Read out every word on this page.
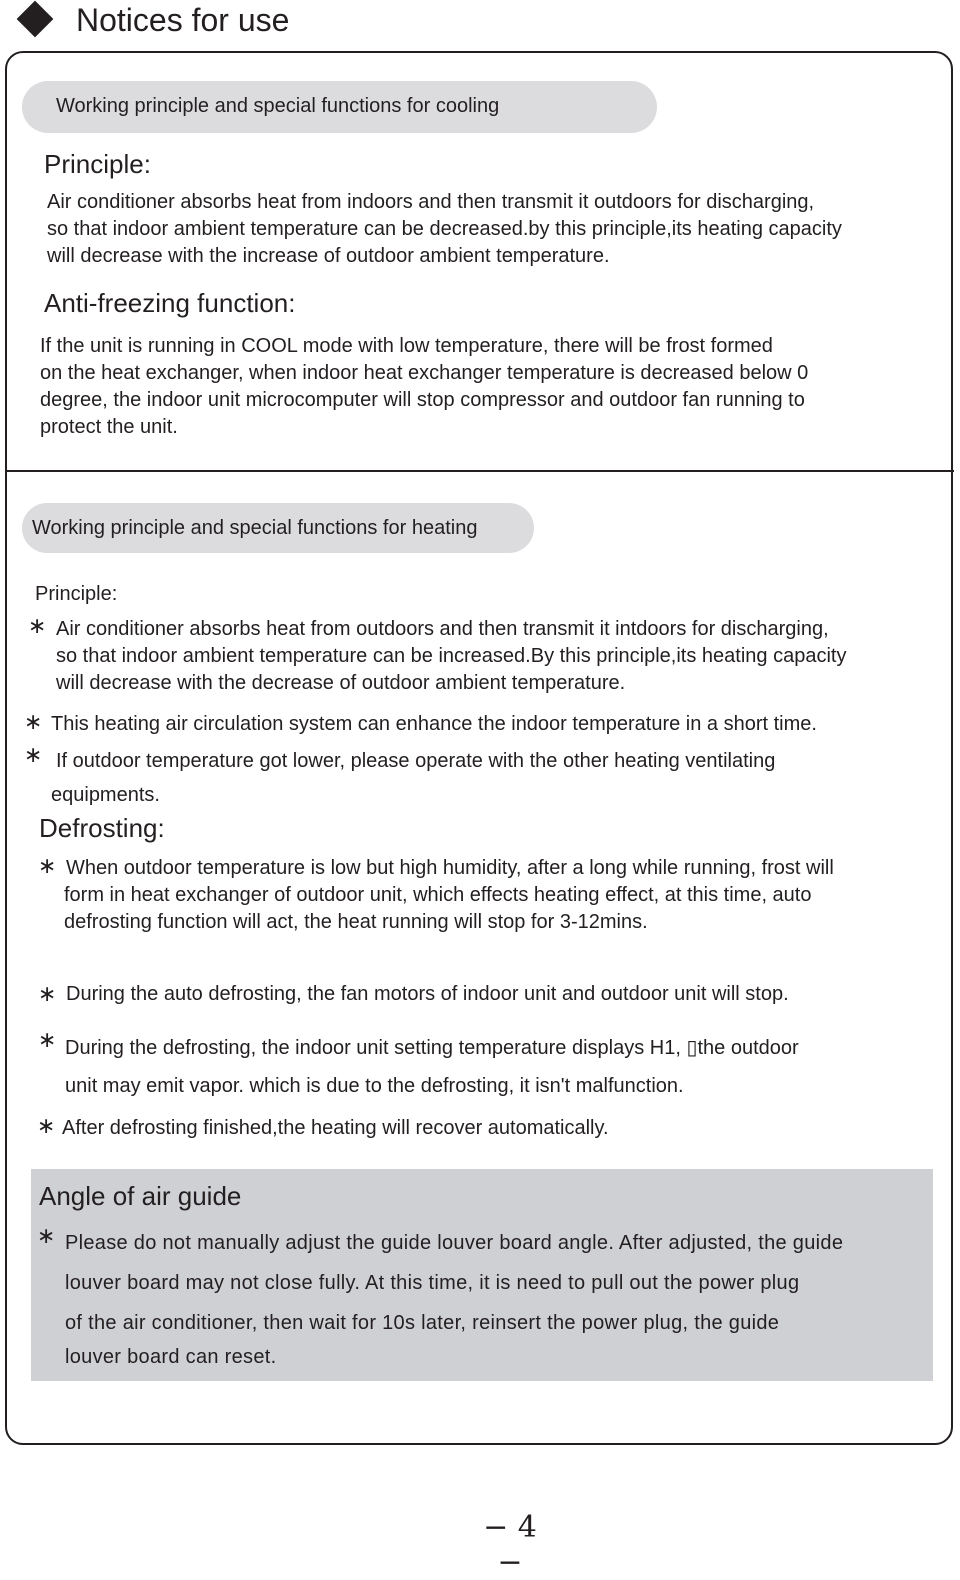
Notices for use
Working principle and special functions for cooling
Principle:
Air conditioner absorbs heat from indoors and then transmit it outdoors for discharging,
so that indoor ambient temperature can be decreased.by this principle,its heating capacity
will decrease with the increase of outdoor ambient temperature.
Anti-freezing function:
If the unit is running in COOL mode with low temperature, there will be frost formed
on the heat exchanger, when indoor heat exchanger temperature is decreased below 0
degree, the indoor unit microcomputer will stop compressor and outdoor fan running to
protect the unit.
Working principle and special functions for heating
Principle:
∗ Air conditioner absorbs heat from outdoors and then transmit it intdoors for discharging,
so that indoor ambient temperature can be increased.By this principle,its heating capacity
will decrease with the decrease of outdoor ambient temperature.
∗ This heating air circulation system can enhance the indoor temperature in a short time.
∗ If outdoor temperature got lower, please operate with the other heating ventilating
equipments.
Defrosting:
∗ When outdoor temperature is low but high humidity, after a long while running, frost will
form in heat exchanger of outdoor unit, which effects heating effect, at this time, auto
defrosting function will act, the heat running will stop for 3-12mins.
∗ During the auto defrosting, the fan motors of indoor unit and outdoor unit will stop.
∗ During the defrosting, the indoor unit setting temperature displays H1, ▯the outdoor
unit may emit vapor. which is due to the defrosting, it isn't malfunction.
∗ After defrosting finished,the heating will recover automatically.
Angle of air guide
∗ Please do not manually adjust the guide louver board angle. After adjusted, the guide
louver board may not close fully. At this time, it is need to pull out the power plug
of the air conditioner, then wait for 10s later, reinsert the power plug, the guide
louver board can reset.
− 4 −
